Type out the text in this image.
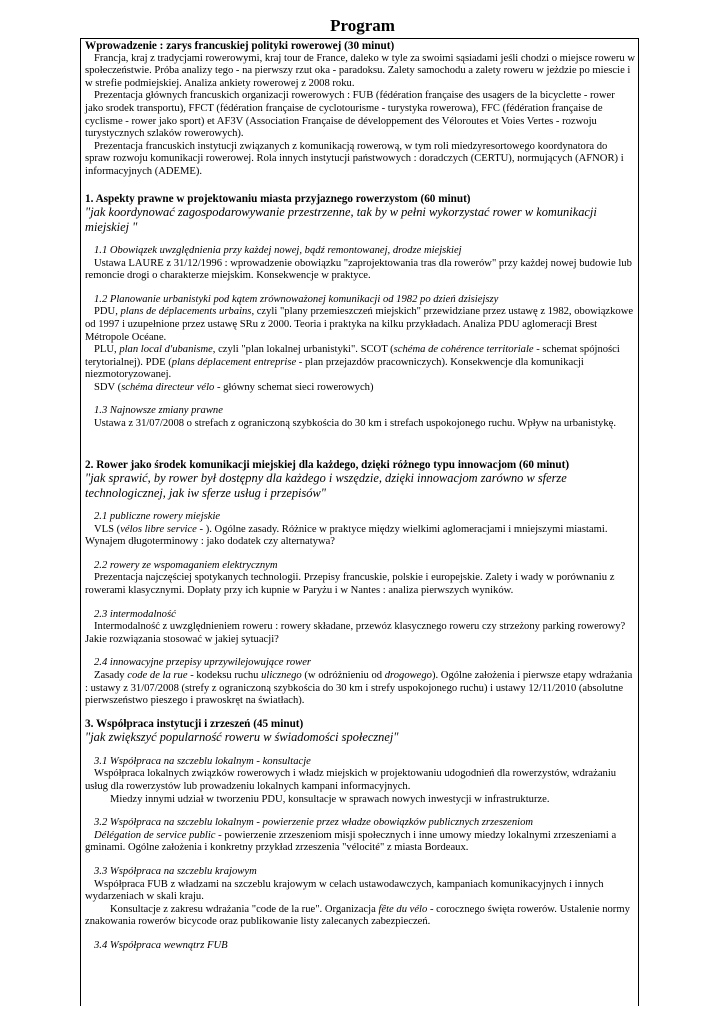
Program

Wprowadzenie : zarys francuskiej polityki rowerowej (30 minut)

Francja, kraj z tradycjami rowerowymi, kraj tour de France, daleko w tyle za swoimi sąsiadami jeśli chodzi o miejsce roweru w społeczeństwie. Próba analizy tego - na pierwszy rzut oka - paradoksu. Zalety samochodu a zalety roweru w jeżdzie po miescie i w strefie podmiejskiej. Analiza ankiety rowerowej z 2008 roku.

Prezentacja głównych francuskich organizacji rowerowych : FUB (fédération française des usagers de la bicyclette - rower jako srodek transportu), FFCT (fédération française de cyclotourisme - turystyka rowerowa), FFC (fédération française de cyclisme - rower jako sport) et AF3V (Association Française de développement des Véloroutes et Voies Vertes - rozwoju turystycznych szlaków rowerowych).

Prezentacja francuskich instytucji związanych z komunikacją rowerową, w tym roli miedzyresortowego koordynatora do spraw rozwoju komunikacji rowerowej. Rola innych instytucji państwowych : doradczych (CERTU), normujących (AFNOR) i informacyjnych (ADEME).

1. Aspekty prawne w projektowaniu miasta przyjaznego rowerzystom (60 minut)

"jak koordynować zagospodarowywanie przestrzenne, tak by w pełni wykorzystać rower w komunikacji miejskiej "

1.1 Obowiązek uwzględnienia przy każdej nowej, bądź remontowanej, drodze miejskiej

Ustawa LAURE z 31/12/1996 : wprowadzenie obowiązku "zaprojektowania tras dla rowerów" przy każdej nowej budowie lub remoncie drogi o charakterze miejskim. Konsekwencje w praktyce.

1.2 Planowanie urbanistyki pod kątem zrównoważonej komunikacji od 1982 po dzień dzisiejszy

PDU, plans de déplacements urbains, czyli "plany przemieszczeń miejskich" przewidziane przez ustawę z 1982, obowiązkowe od 1997 i uzupełnione przez ustawę SRu z 2000. Teoria i praktyka na kilku przykładach. Analiza PDU aglomeracji Brest Métropole Océane.

PLU, plan local d'ubanisme, czyli "plan lokalnej urbanistyki". SCOT (schéma de cohérence territoriale - schemat spójności terytorialnej). PDE (plans déplacement entreprise - plan przejazdów pracowniczych). Konsekwencje dla komunikacji niezmotoryzowanej.

SDV (schéma directeur vélo - główny schemat sieci rowerowych)

1.3 Najnowsze zmiany prawne

Ustawa z 31/07/2008 o strefach z ograniczoną szybkościa do 30 km i strefach uspokojonego ruchu. Wpływ na urbanistykę.

2. Rower jako środek komunikacji miejskiej dla każdego, dzięki różnego typu innowacjom (60 minut)

"jak sprawić, by rower był dostępny dla każdego i wszędzie, dzięki innowacjom zarówno w sferze technologicznej, jak iw sferze usług i przepisów"

2.1 publiczne rowery miejskie

VLS (vélos libre service - ). Ogólne zasady. Różnice w praktyce między wielkimi aglomeracjami i mniejszymi miastami. Wynajem długoterminowy : jako dodatek czy alternatywa?

2.2 rowery ze wspomaganiem elektrycznym

Prezentacja najczęściej spotykanych technologii. Przepisy francuskie, polskie i europejskie. Zalety i wady w porównaniu z rowerami klasycznymi. Dopłaty przy ich kupnie w Paryżu i w Nantes : analiza pierwszych wyników.

2.3 intermodalność

Intermodalność z uwzględnieniem roweru : rowery składane, przewóz klasycznego roweru czy strzeżony parking rowerowy? Jakie rozwiązania stosować w jakiej sytuacji?

2.4 innowacyjne przepisy uprzywilejowujące rower

Zasady code de la rue - kodeksu ruchu ulicznego (w odróżnieniu od drogowego). Ogólne założenia i pierwsze etapy wdrażania : ustawy z 31/07/2008 (strefy z ograniczoną szybkościa do 30 km i strefy uspokojonego ruchu) i ustawy 12/11/2010 (absolutne pierwszeństwo pieszego i prawoskręt na światłach).

3. Współpraca instytucji i zrzeszeń (45 minut)

"jak zwiększyć popularność roweru w świadomości społecznej"

3.1 Współpraca na szczeblu lokalnym - konsultacje

Współpraca lokalnych związków rowerowych i władz miejskich w projektowaniu udogodnień dla rowerzystów, wdrażaniu usług dla rowerzystów lub prowadzeniu lokalnych kampani informacyjnych.

Miedzy innymi udział w tworzeniu PDU, konsultacje w sprawach nowych inwestycji w infrastrukturze.

3.2 Współpraca na szczeblu lokalnym - powierzenie przez władze obowiązków publicznych zrzeszeniom

Délégation de service public - powierzenie zrzeszeniom misji społecznych i inne umowy miedzy lokalnymi zrzeszeniami a gminami. Ogólne założenia i konkretny przykład zrzeszenia "vélocité" z miasta Bordeaux.

3.3 Współpraca na szczeblu krajowym

Współpraca FUB z władzami na szczeblu krajowym w celach ustawodawczych, kampaniach komunikacyjnych i innych wydarzeniach w skali kraju.

Konsultacje z zakresu wdrażania "code de la rue". Organizacja fête du vélo - corocznego święta rowerów. Ustalenie normy znakowania rowerów bicycode oraz publikowanie listy zalecanych zabezpieczeń.

3.4 Współpraca wewnątrz FUB
